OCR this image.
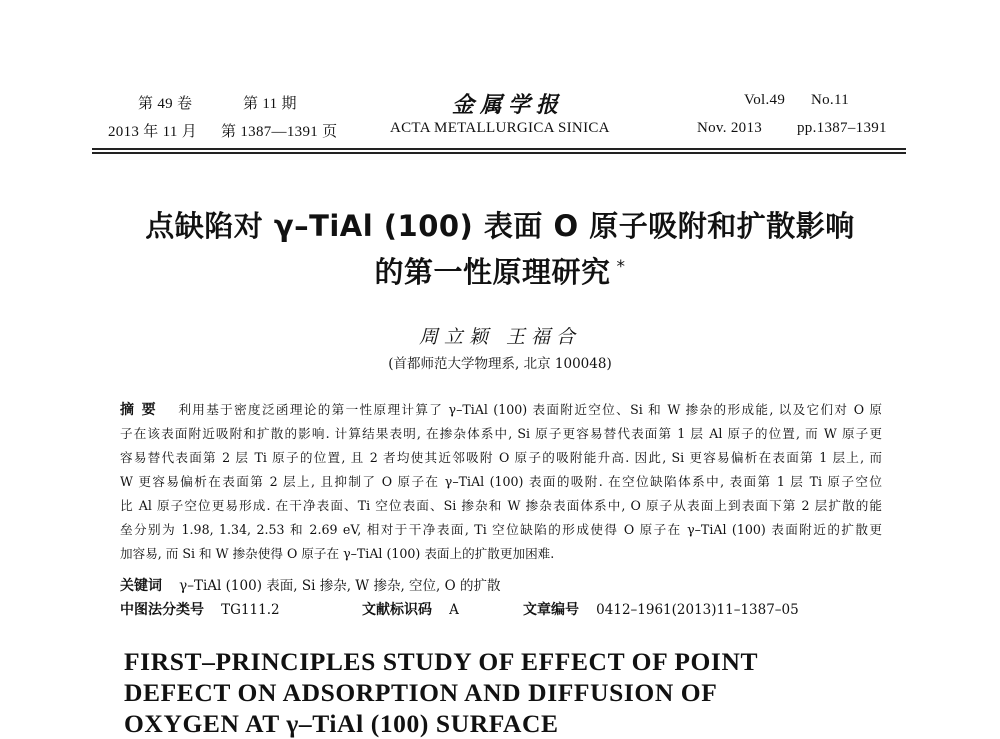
第 49 卷	第 11 期	金属学报	Vol.49 No.11
2013 年 11 月 第 1387—1391 页	ACTA METALLURGICA SINICA	Nov. 2013 pp.1387–1391
点缺陷对 γ–TiAl (100) 表面 O 原子吸附和扩散影响
的第一性原理研究 *
周立颖 王福合
(首都师范大学物理系, 北京 100048)
摘 要 利用基于密度泛函理论的第一性原理计算了 γ–TiAl (100) 表面附近空位、Si 和 W 掺杂的形成能, 以及它们对 O 原
子在该表面附近吸附和扩散的影响. 计算结果表明, 在掺杂体系中, Si 原子更容易替代表面第 1 层 Al 原子的位置, 而 W 原子更
容易替代表面第 2 层 Ti 原子的位置, 且 2 者均使其近邻吸附 O 原子的吸附能升高. 因此, Si 更容易偏析在表面第 1 层上, 而
W 更容易偏析在表面第 2 层上, 且抑制了 O 原子在 γ–TiAl (100) 表面的吸附. 在空位缺陷体系中, 表面第 1 层 Ti 原子空位
比 Al 原子空位更易形成. 在干净表面、Ti 空位表面、Si 掺杂和 W 掺杂表面体系中, O 原子从表面上到表面下第 2 层扩散的能
垒分别为 1.98, 1.34, 2.53 和 2.69 eV, 相对于干净表面, Ti 空位缺陷的形成使得 O 原子在 γ–TiAl (100) 表面附近的扩散更
加容易, 而 Si 和 W 掺杂使得 O 原子在 γ–TiAl (100) 表面上的扩散更加困难.
关键词 γ–TiAl (100) 表面, Si 掺杂, W 掺杂, 空位, O 的扩散
中图法分类号 TG111.2	文献标识码 A	文章编号 0412–1961(2013)11–1387–05
FIRST–PRINCIPLES STUDY OF EFFECT OF POINT
DEFECT ON ADSORPTION AND DIFFUSION OF
OXYGEN AT γ–TiAl (100) SURFACE
